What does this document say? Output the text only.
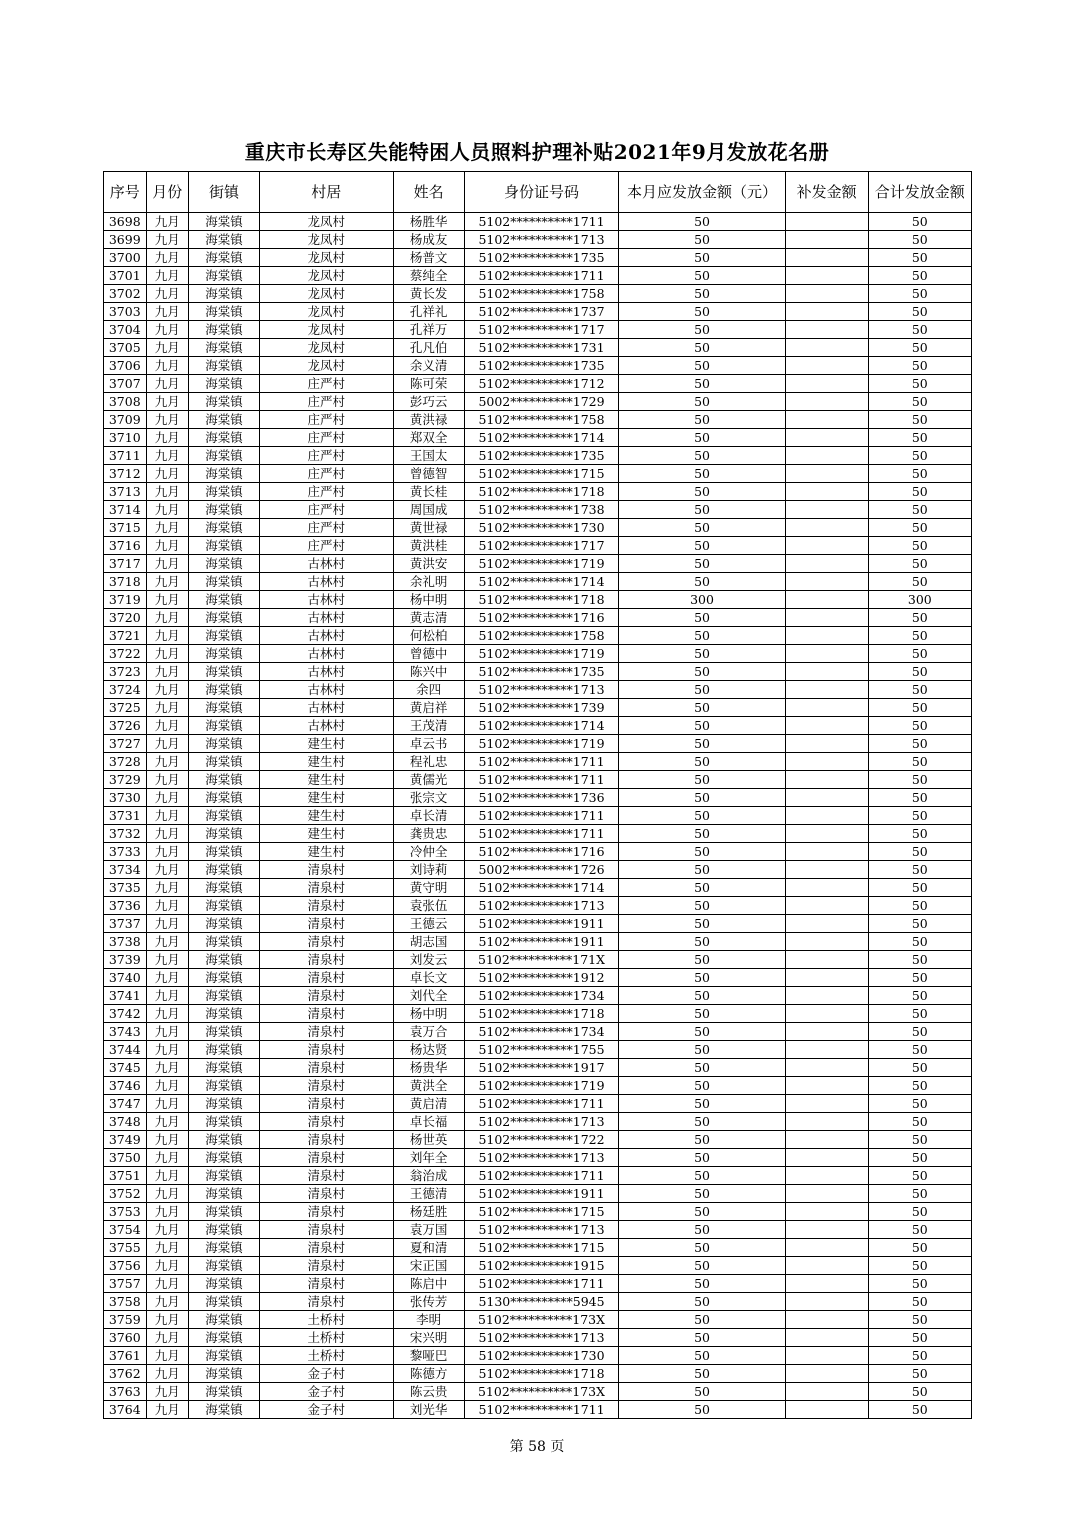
重庆市长寿区失能特困人员照料护理补贴2021年9月发放花名册
序号	月份	街镇	村居	姓名	身份证号码	本月应发放金额（元）	补发金额	合计发放金额
3698	九月	海棠镇	龙凤村	杨胜华	5102**********1711	50		50
3699	九月	海棠镇	龙凤村	杨成友	5102**********1713	50		50
3700	九月	海棠镇	龙凤村	杨普文	5102**********1735	50		50
3701	九月	海棠镇	龙凤村	蔡纯全	5102**********1711	50		50
3702	九月	海棠镇	龙凤村	黄长发	5102**********1758	50		50
3703	九月	海棠镇	龙凤村	孔祥礼	5102**********1737	50		50
3704	九月	海棠镇	龙凤村	孔祥万	5102**********1717	50		50
3705	九月	海棠镇	龙凤村	孔凡伯	5102**********1731	50		50
3706	九月	海棠镇	龙凤村	余义清	5102**********1735	50		50
3707	九月	海棠镇	庄严村	陈可荣	5102**********1712	50		50
3708	九月	海棠镇	庄严村	彭巧云	5002**********1729	50		50
3709	九月	海棠镇	庄严村	黄洪禄	5102**********1758	50		50
3710	九月	海棠镇	庄严村	郑双全	5102**********1714	50		50
3711	九月	海棠镇	庄严村	王国太	5102**********1735	50		50
3712	九月	海棠镇	庄严村	曾德智	5102**********1715	50		50
3713	九月	海棠镇	庄严村	黄长桂	5102**********1718	50		50
3714	九月	海棠镇	庄严村	周国成	5102**********1738	50		50
3715	九月	海棠镇	庄严村	黄世禄	5102**********1730	50		50
3716	九月	海棠镇	庄严村	黄洪桂	5102**********1717	50		50
3717	九月	海棠镇	古林村	黄洪安	5102**********1719	50		50
3718	九月	海棠镇	古林村	余礼明	5102**********1714	50		50
3719	九月	海棠镇	古林村	杨中明	5102**********1718	300		300
3720	九月	海棠镇	古林村	黄志清	5102**********1716	50		50
3721	九月	海棠镇	古林村	何松柏	5102**********1758	50		50
3722	九月	海棠镇	古林村	曾德中	5102**********1719	50		50
3723	九月	海棠镇	古林村	陈兴中	5102**********1735	50		50
3724	九月	海棠镇	古林村	余四	5102**********1713	50		50
3725	九月	海棠镇	古林村	黄启祥	5102**********1739	50		50
3726	九月	海棠镇	古林村	王茂清	5102**********1714	50		50
3727	九月	海棠镇	建生村	卓云书	5102**********1719	50		50
3728	九月	海棠镇	建生村	程礼忠	5102**********1711	50		50
3729	九月	海棠镇	建生村	黄儒光	5102**********1711	50		50
3730	九月	海棠镇	建生村	张宗文	5102**********1736	50		50
3731	九月	海棠镇	建生村	卓长清	5102**********1711	50		50
3732	九月	海棠镇	建生村	龚贵忠	5102**********1711	50		50
3733	九月	海棠镇	建生村	冷仲全	5102**********1716	50		50
3734	九月	海棠镇	清泉村	刘诗莉	5002**********1726	50		50
3735	九月	海棠镇	清泉村	黄守明	5102**********1714	50		50
3736	九月	海棠镇	清泉村	袁张伍	5102**********1713	50		50
3737	九月	海棠镇	清泉村	王德云	5102**********1911	50		50
3738	九月	海棠镇	清泉村	胡志国	5102**********1911	50		50
3739	九月	海棠镇	清泉村	刘发云	5102**********171X	50		50
3740	九月	海棠镇	清泉村	卓长文	5102**********1912	50		50
3741	九月	海棠镇	清泉村	刘代全	5102**********1734	50		50
3742	九月	海棠镇	清泉村	杨中明	5102**********1718	50		50
3743	九月	海棠镇	清泉村	袁万合	5102**********1734	50		50
3744	九月	海棠镇	清泉村	杨达贤	5102**********1755	50		50
3745	九月	海棠镇	清泉村	杨贵华	5102**********1917	50		50
3746	九月	海棠镇	清泉村	黄洪全	5102**********1719	50		50
3747	九月	海棠镇	清泉村	黄启清	5102**********1711	50		50
3748	九月	海棠镇	清泉村	卓长福	5102**********1713	50		50
3749	九月	海棠镇	清泉村	杨世英	5102**********1722	50		50
3750	九月	海棠镇	清泉村	刘年全	5102**********1713	50		50
3751	九月	海棠镇	清泉村	翁治成	5102**********1711	50		50
3752	九月	海棠镇	清泉村	王德清	5102**********1911	50		50
3753	九月	海棠镇	清泉村	杨廷胜	5102**********1715	50		50
3754	九月	海棠镇	清泉村	袁万国	5102**********1713	50		50
3755	九月	海棠镇	清泉村	夏和清	5102**********1715	50		50
3756	九月	海棠镇	清泉村	宋正国	5102**********1915	50		50
3757	九月	海棠镇	清泉村	陈启中	5102**********1711	50		50
3758	九月	海棠镇	清泉村	张传芳	5130**********5945	50		50
3759	九月	海棠镇	土桥村	李明	5102**********173X	50		50
3760	九月	海棠镇	土桥村	宋兴明	5102**********1713	50		50
3761	九月	海棠镇	土桥村	黎哑巴	5102**********1730	50		50
3762	九月	海棠镇	金子村	陈德方	5102**********1718	50		50
3763	九月	海棠镇	金子村	陈云贵	5102**********173X	50		50
3764	九月	海棠镇	金子村	刘光华	5102**********1711	50		50
第 58 页
